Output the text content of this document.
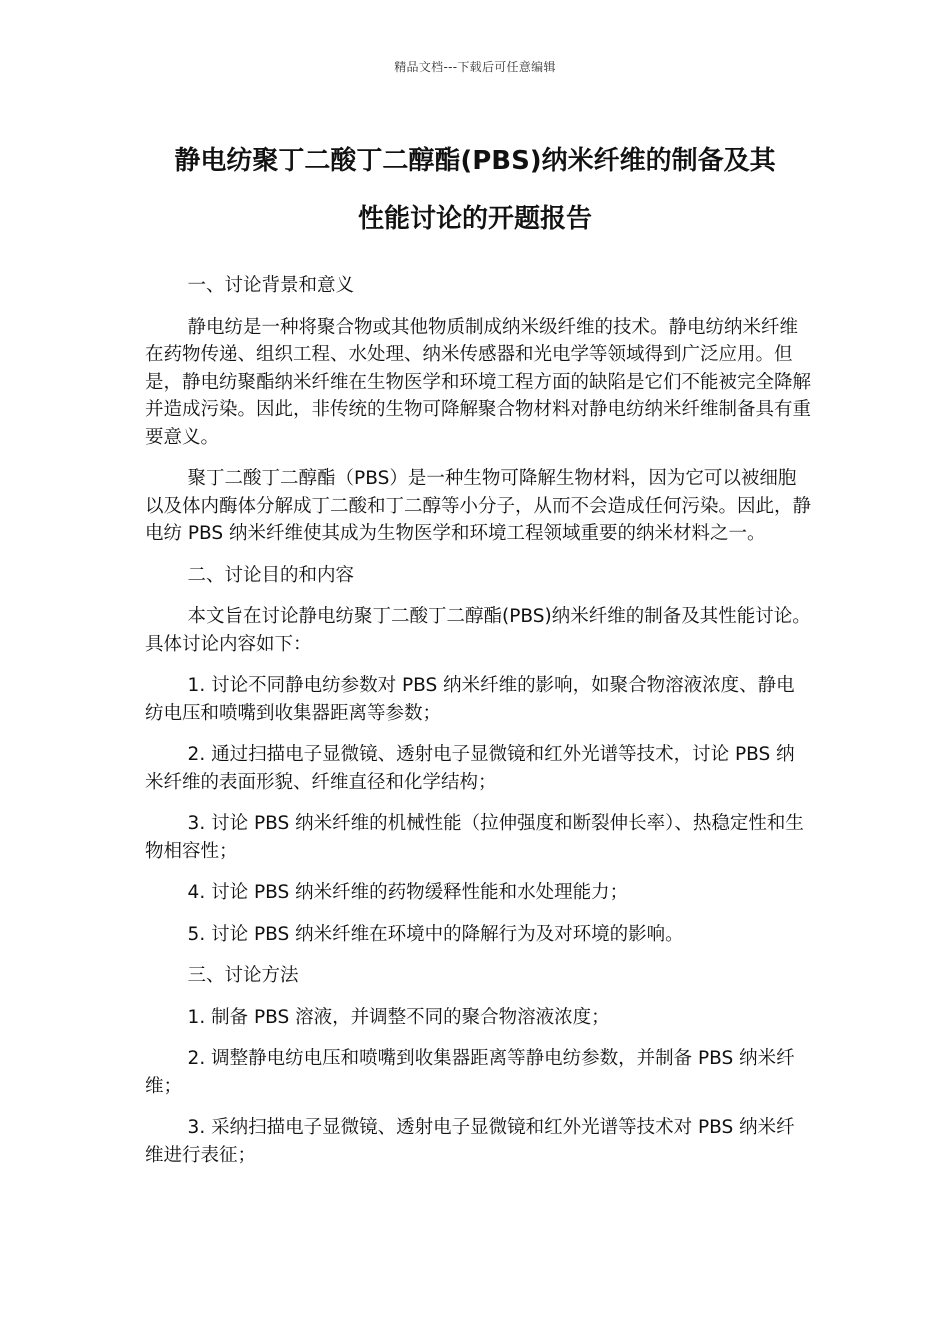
精品文档---下载后可任意编辑
静电纺聚丁二酸丁二醇酯(PBS)纳米纤维的制备及其
性能讨论的开题报告

一、讨论背景和意义

静电纺是一种将聚合物或其他物质制成纳米级纤维的技术。静电纺纳米纤维在药物传递、组织工程、水处理、纳米传感器和光电学等领域得到广泛应用。但是，静电纺聚酯纳米纤维在生物医学和环境工程方面的缺陷是它们不能被完全降解并造成污染。因此，非传统的生物可降解聚合物材料对静电纺纳米纤维制备具有重要意义。

聚丁二酸丁二醇酯（PBS）是一种生物可降解生物材料，因为它可以被细胞以及体内酶体分解成丁二酸和丁二醇等小分子，从而不会造成任何污染。因此，静电纺 PBS 纳米纤维使其成为生物医学和环境工程领域重要的纳米材料之一。

二、讨论目的和内容

本文旨在讨论静电纺聚丁二酸丁二醇酯(PBS)纳米纤维的制备及其性能讨论。具体讨论内容如下：

1. 讨论不同静电纺参数对 PBS 纳米纤维的影响，如聚合物溶液浓度、静电纺电压和喷嘴到收集器距离等参数；

2. 通过扫描电子显微镜、透射电子显微镜和红外光谱等技术，讨论 PBS 纳米纤维的表面形貌、纤维直径和化学结构；

3. 讨论 PBS 纳米纤维的机械性能（拉伸强度和断裂伸长率）、热稳定性和生物相容性；

4. 讨论 PBS 纳米纤维的药物缓释性能和水处理能力；

5. 讨论 PBS 纳米纤维在环境中的降解行为及对环境的影响。

三、讨论方法

1. 制备 PBS 溶液，并调整不同的聚合物溶液浓度；

2. 调整静电纺电压和喷嘴到收集器距离等静电纺参数，并制备 PBS 纳米纤维；

3. 采纳扫描电子显微镜、透射电子显微镜和红外光谱等技术对 PBS 纳米纤维进行表征；
